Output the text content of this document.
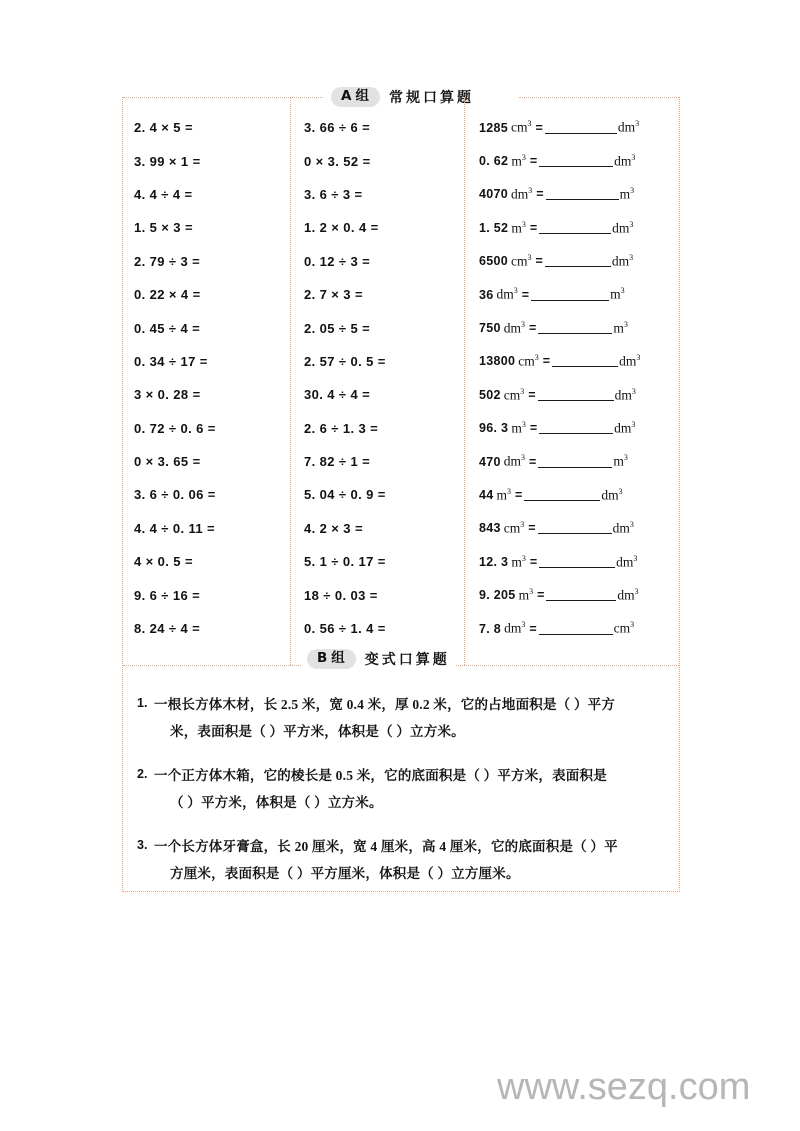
A 组 常规口算题
2. 4 × 5 =
3. 99 × 1 =
4. 4 ÷ 4 =
1. 5 × 3 =
2. 79 ÷ 3 =
0. 22 × 4 =
0. 45 ÷ 4 =
0. 34 ÷ 17 =
3 × 0. 28 =
0. 72 ÷ 0. 6 =
0 × 3. 65 =
3. 6 ÷ 0. 06 =
4. 4 ÷ 0. 11 =
4 × 0. 5 =
9. 6 ÷ 16 =
8. 24 ÷ 4 =
3. 66 ÷ 6 =
0 × 3. 52 =
3. 6 ÷ 3 =
1. 2 × 0. 4 =
0. 12 ÷ 3 =
2. 7 × 3 =
2. 05 ÷ 5 =
2. 57 ÷ 0. 5 =
30. 4 ÷ 4 =
2. 6 ÷ 1. 3 =
7. 82 ÷ 1 =
5. 04 ÷ 0. 9 =
4. 2 × 3 =
5. 1 ÷ 0. 17 =
18 ÷ 0. 03 =
0. 56 ÷ 1. 4 =
1285 $cm^3$ =	$dm^3$
0. 62 $m^3$ =	$dm^3$
4070 $dm^3$ =	$m^3$
1. 52 $m^3$ =	$dm^3$
6500 $cm^3$ =	$dm^3$
36 $dm^3$ =	$m^3$
750 $dm^3$ =	$m^3$
13800 $cm^3$ =	$dm^3$
502 $cm^3$ =	$dm^3$
96. 3 $m^3$ =	$dm^3$
470 $dm^3$ =	$m^3$
44 $m^3$ =	$dm^3$
843 $cm^3$ =	$dm^3$
12. 3 $m^3$ =	$dm^3$
9. 205 $m^3$ =	$dm^3$
7. 8 $dm^3$ =	$cm^3$
B 组 变式口算题
1. 一根长方体木材，长 2.5 米，宽 0.4 米，厚 0.2 米，它的占地面积是（ ）平方
米，表面积是（ ）平方米，体积是（ ）立方米。
2. 一个正方体木箱，它的棱长是 0.5 米，它的底面积是（ ）平方米，表面积是
（ ）平方米，体积是（ ）立方米。
3. 一个长方体牙膏盒，长 20 厘米，宽 4 厘米，高 4 厘米，它的底面积是（ ）平
方厘米，表面积是（ ）平方厘米，体积是（ ）立方厘米。
www.sezq.com
